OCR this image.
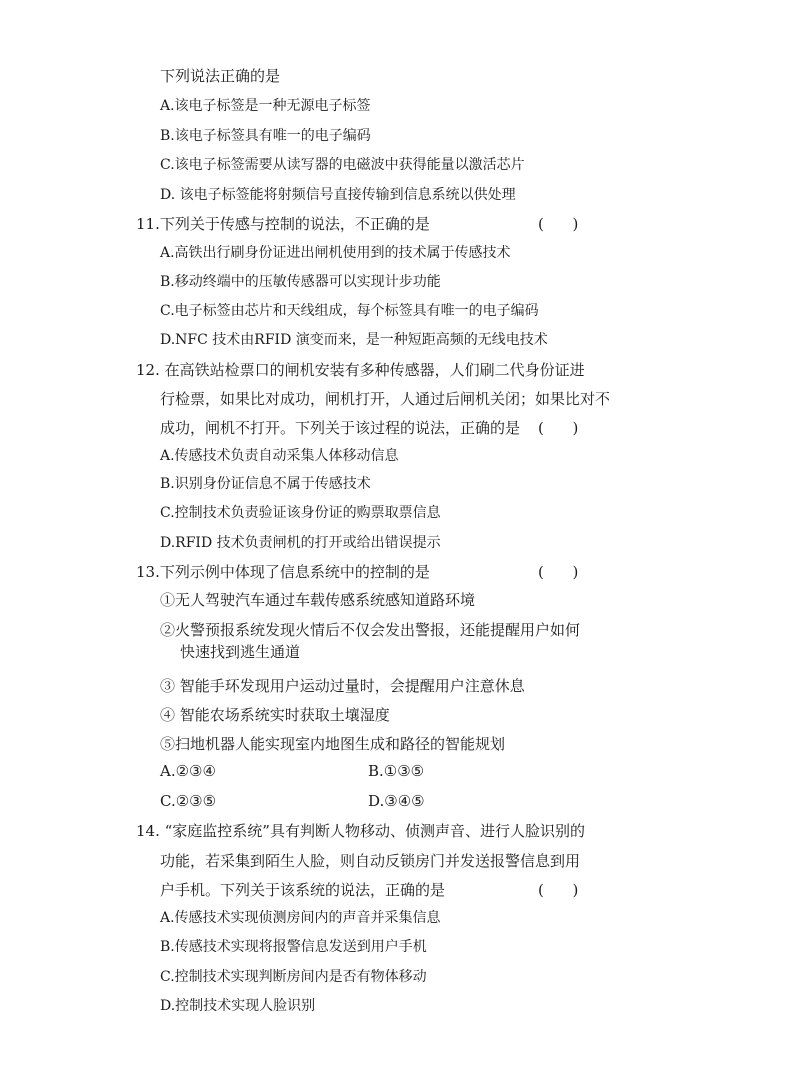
下列说法正确的是
A.该电子标签是一种无源电子标签
B.该电子标签具有唯一的电子编码
C.该电子标签需要从读写器的电磁波中获得能量以激活芯片
D. 该电子标签能将射频信号直接传输到信息系统以供处理
11.下列关于传感与控制的说法，不正确的是	(      )
A.高铁出行刷身份证进出闸机使用到的技术属于传感技术
B.移动终端中的压敏传感器可以实现计步功能
C.电子标签由芯片和天线组成，每个标签具有唯一的电子编码
D.NFC 技术由RFID 演变而来，是一种短距高频的无线电技术
12. 在高铁站检票口的闸机安装有多种传感器，人们刷二代身份证进
行检票，如果比对成功，闸机打开，人通过后闸机关闭；如果比对不
成功，闸机不打开。下列关于该过程的说法，正确的是 (      )
A.传感技术负责自动采集人体移动信息
B.识别身份证信息不属于传感技术
C.控制技术负责验证该身份证的购票取票信息
D.RFID 技术负责闸机的打开或给出错误提示
13.下列示例中体现了信息系统中的控制的是	(      )
①无人驾驶汽车通过车载传感系统感知道路环境
②火警预报系统发现火情后不仅会发出警报，还能提醒用户如何
快速找到逃生通道
③ 智能手环发现用户运动过量时，会提醒用户注意休息
④ 智能农场系统实时获取土壤湿度
⑤扫地机器人能实现室内地图生成和路径的智能规划
A.②③④	B.①③⑤
C.②③⑤	D.③④⑤
14. “家庭监控系统”具有判断人物移动、侦测声音、进行人脸识别的
功能，若采集到陌生人脸，则自动反锁房门并发送报警信息到用
户手机。下列关于该系统的说法，正确的是	(      )
A.传感技术实现侦测房间内的声音并采集信息
B.传感技术实现将报警信息发送到用户手机
C.控制技术实现判断房间内是否有物体移动
D.控制技术实现人脸识别
